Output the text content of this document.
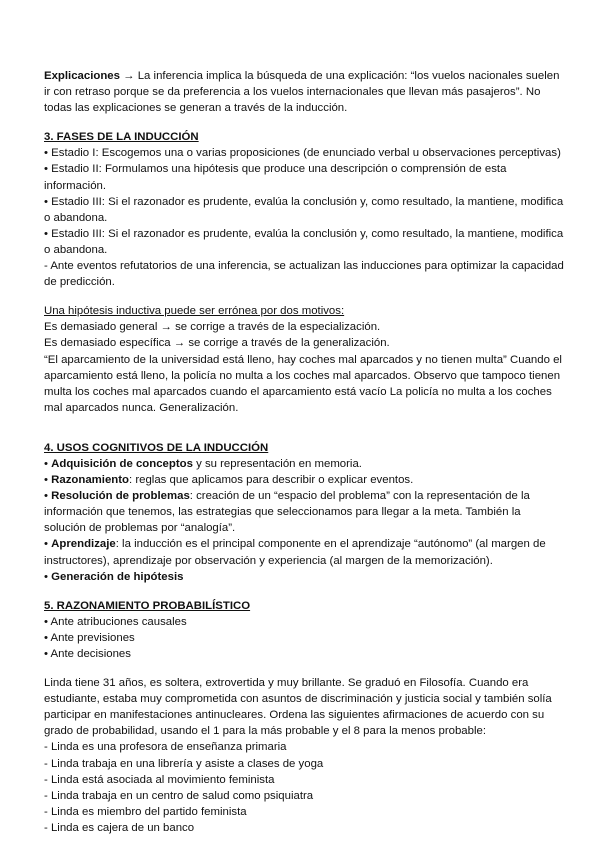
Explicaciones → La inferencia implica la búsqueda de una explicación: “los vuelos nacionales suelen ir con retraso porque se da preferencia a los vuelos internacionales que llevan más pasajeros”. No todas las explicaciones se generan a través de la inducción.

3. FASES DE LA INDUCCIÓN

• Estadio I: Escogemos una o varias proposiciones (de enunciado verbal u observaciones perceptivas)

• Estadio II: Formulamos una hipótesis que produce una descripción o comprensión de esta información.

• Estadio III: Si el razonador es prudente, evalúa la conclusión y, como resultado, la mantiene, modifica o abandona.

• Estadio III: Si el razonador es prudente, evalúa la conclusión y, como resultado, la mantiene, modifica o abandona.

- Ante eventos refutatorios de una inferencia, se actualizan las inducciones para optimizar la capacidad de predicción.

Una hipótesis inductiva puede ser errónea por dos motivos:

Es demasiado general → se corrige a través de la especialización.

Es demasiado específica → se corrige a través de la generalización.

“El aparcamiento de la universidad está lleno, hay coches mal aparcados y no tienen multa” Cuando el aparcamiento está lleno, la policía no multa a los coches mal aparcados. Observo que tampoco tienen multa los coches mal aparcados cuando el aparcamiento está vacío La policía no multa a los coches mal aparcados nunca. Generalización.

4. USOS COGNITIVOS DE LA INDUCCIÓN

• Adquisición de conceptos y su representación en memoria.

• Razonamiento: reglas que aplicamos para describir o explicar eventos.

• Resolución de problemas: creación de un “espacio del problema” con la representación de la información que tenemos, las estrategias que seleccionamos para llegar a la meta. También la solución de problemas por “analogía”.

• Aprendizaje: la inducción es el principal componente en el aprendizaje “autónomo” (al margen de instructores), aprendizaje por observación y experiencia (al margen de la memorización).

• Generación de hipótesis

5. RAZONAMIENTO PROBABILÍSTICO

• Ante atribuciones causales

• Ante previsiones

• Ante decisiones

Linda tiene 31 años, es soltera, extrovertida y muy brillante. Se graduó en Filosofía. Cuando era estudiante, estaba muy comprometida con asuntos de discriminación y justicia social y también solía participar en manifestaciones antinucleares. Ordena las siguientes afirmaciones de acuerdo con su grado de probabilidad, usando el 1 para la más probable y el 8 para la menos probable:

- Linda es una profesora de enseñanza primaria

- Linda trabaja en una librería y asiste a clases de yoga

- Linda está asociada al movimiento feminista

- Linda trabaja en un centro de salud como psiquiatra

- Linda es miembro del partido feminista

- Linda es cajera de un banco
